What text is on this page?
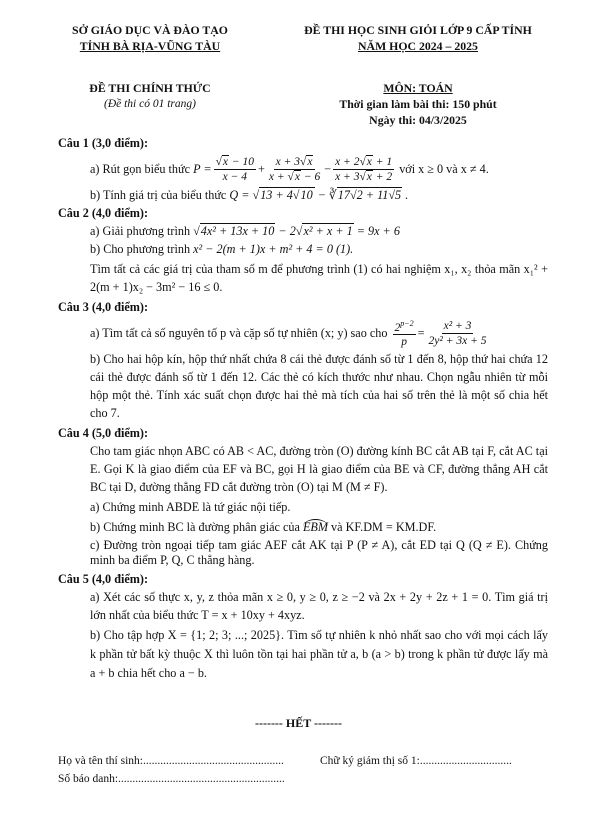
SỞ GIÁO DỤC VÀ ĐÀO TẠO
TỈNH BÀ RỊA-VŨNG TÀU
ĐỀ THI HỌC SINH GIỎI LỚP 9 CẤP TỈNH
NĂM HỌC 2024 – 2025
ĐỀ THI CHÍNH THỨC
(Đề thi có 01 trang)
MÔN: TOÁN
Thời gian làm bài thi: 150 phút
Ngày thi: 04/3/2025

Câu 1 (3,0 điểm):

a) Rút gọn biểu thức
$P = \frac{√x - 10}{x - 4} + \frac{x + 3√x}{x + √x - 6} - \frac{x + 2√x + 1}{x + 3√x + 2}$
với x ≥ 0 và x ≠ 4.
b) Tính giá trị của biểu thức Q = √13 + 4√10 − ∛17√2 + 11√5 .

Câu 2 (4,0 điểm):

a) Giải phương trình √4x² + 13x + 10 − 2√x² + x + 1 = 9x + 6
b) Cho phương trình x² − 2(m + 1)x + m² + 4 = 0 (1).
Tìm tất cả các giá trị của tham số m để phương trình (1) có hai nghiệm x₁, x₂ thỏa mãn x₁² + 2(m + 1)x₂ − 3m² − 16 ≤ 0.

Câu 3 (4,0 điểm):

a) Tìm tất cả số nguyên tố p và cặp số tự nhiên (x; y) sao cho
$\frac{2^{p-2}}{p} = \frac{\text{x² + 3}}{\text{2y² + 3x + 5}}$
b) Cho hai hộp kín, hộp thứ nhất chứa 8 cái thẻ được đánh số từ 1 đến 8, hộp thứ hai chứa 12 cái thẻ được đánh số từ 1 đến 12. Các thẻ có kích thước như nhau. Chọn ngẫu nhiên từ mỗi hộp một thẻ. Tính xác suất chọn được hai thẻ mà tích của hai số trên thẻ là một số chia hết cho 7.

Câu 4 (5,0 điểm):

Cho tam giác nhọn ABC có AB < AC, đường tròn (O) đường kính BC cắt AB tại F, cắt AC tại E. Gọi K là giao điểm của EF và BC, gọi H là giao điểm của BE và CF, đường thẳng AH cắt BC tại D, đường thẳng FD cắt đường tròn (O) tại M (M ≠ F).
a) Chứng minh ABDE là tứ giác nội tiếp.
b) Chứng minh BC là đường phân giác của EBM và KF.DM = KM.DF.
c) Đường tròn ngoại tiếp tam giác AEF cắt AK tại P (P ≠ A), cắt ED tại Q (Q ≠ E). Chứng minh ba điểm P, Q, C thẳng hàng.

Câu 5 (4,0 điểm):

a) Xét các số thực x, y, z thỏa mãn x ≥ 0, y ≥ 0, z ≥ −2 và 2x + 2y + 2z + 1 = 0. Tìm giá trị lớn nhất của biểu thức T = x + 10xy + 4xyz.
b) Cho tập hợp X = {1; 2; 3; ...; 2025}. Tìm số tự nhiên k nhỏ nhất sao cho với mọi cách lấy k phần tử bất kỳ thuộc X thì luôn tồn tại hai phần tử a, b (a > b) trong k phần tử được lấy mà a + b chia hết cho a − b.
------- HẾT -------
Họ và tên thí sinh:.................................................
Số báo danh:..........................................................
Chữ ký giám thị số 1:................................
